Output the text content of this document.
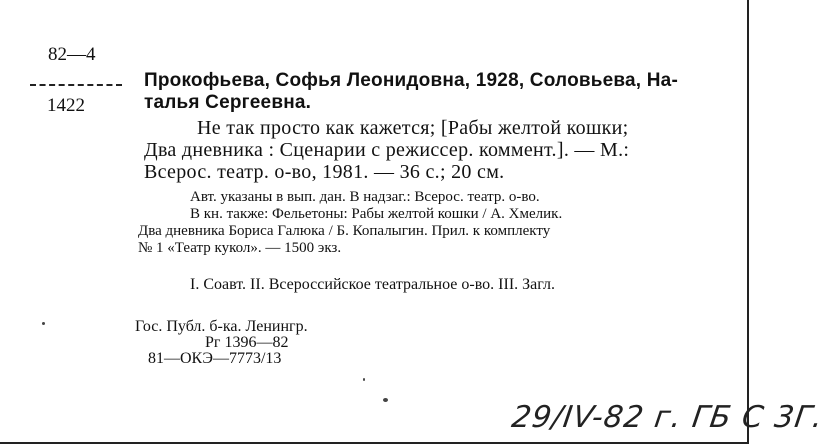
82—4
1422
Прокофьева, Софья Леонидовна, 1928, Соловьева, На-
талья Сергеевна.
Не так просто как кажется; [Рабы желтой кошки;
Два дневника : Сценарии с режиссер. коммент.]. — М.:
Всерос. театр. о-во, 1981. — 36 с.; 20 см.
Авт. указаны в вып. дан. В надзаг.: Всерос. театр. о-во.
В кн. также: Фельетоны: Рабы желтой кошки / А. Хмелик.
Два дневника Бориса Галюка / Б. Копалыгин. Прил. к комплекту
№ 1 «Театр кукол». — 1500 экз.
I. Соавт. II. Всероссийское театральное о-во. III. Загл.
Гос. Публ. б-ка. Ленингр.
Рг 1396—82
81—ОКЭ—7773/13
29/IV-82 г. ГБ С 3Г.
